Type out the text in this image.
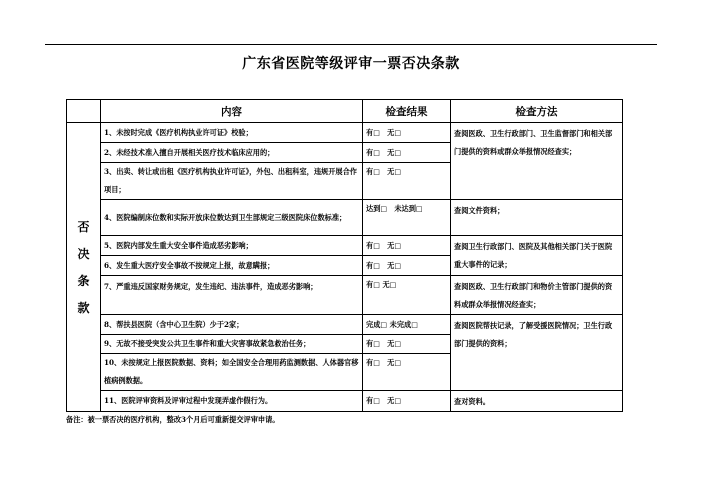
广东省医院等级评审一票否决条款
	内容	检查结果	检查方法

否
决
条
款	1、未按时完成《医疗机构执业许可证》校验；	有□　无□	查阅医政、卫生行政部门、卫生监督部门和相关部门提供的资料或群众举报情况经查实；
	2、未经技术准入擅自开展相关医疗技术临床应用的；	有□　无□	
	3、出卖、转让或出租《医疗机构执业许可证》，外包、出租科室，违规开展合作项目；	有□　无□	
	4、医院编制床位数和实际开放床位数达到卫生部规定三级医院床位数标准；	达到□　未达到□	查阅文件资料；
	5、医院内部发生重大安全事件造成恶劣影响；	有□　无□	查阅卫生行政部门、医院及其他相关部门关于医院重大事件的记录；
	6、发生重大医疗安全事故不按规定上报，故意瞒报；	有□　无□	
	7、严重违反国家财务规定，发生违纪、违法事件，造成恶劣影响；	有□ 无□	查阅医政、卫生行政部门和物价主管部门提供的资料或群众举报情况经查实；
	8、帮扶县医院（含中心卫生院）少于2家；	完成□ 未完成□	查阅医院帮扶记录，了解受援医院情况；卫生行政部门提供的资料；
	9、无故不接受突发公共卫生事件和重大灾害事故紧急救治任务；	有□　无□	
	10、未按规定上报医院数据、资料；如全国安全合理用药监测数据、人体器官移植病例数据。	有□　无□	
	11、医院评审资料及评审过程中发现弄虚作假行为。	有□　无□	查对资料。
备注：被一票否决的医疗机构，整改3个月后可重新提交评审申请。
